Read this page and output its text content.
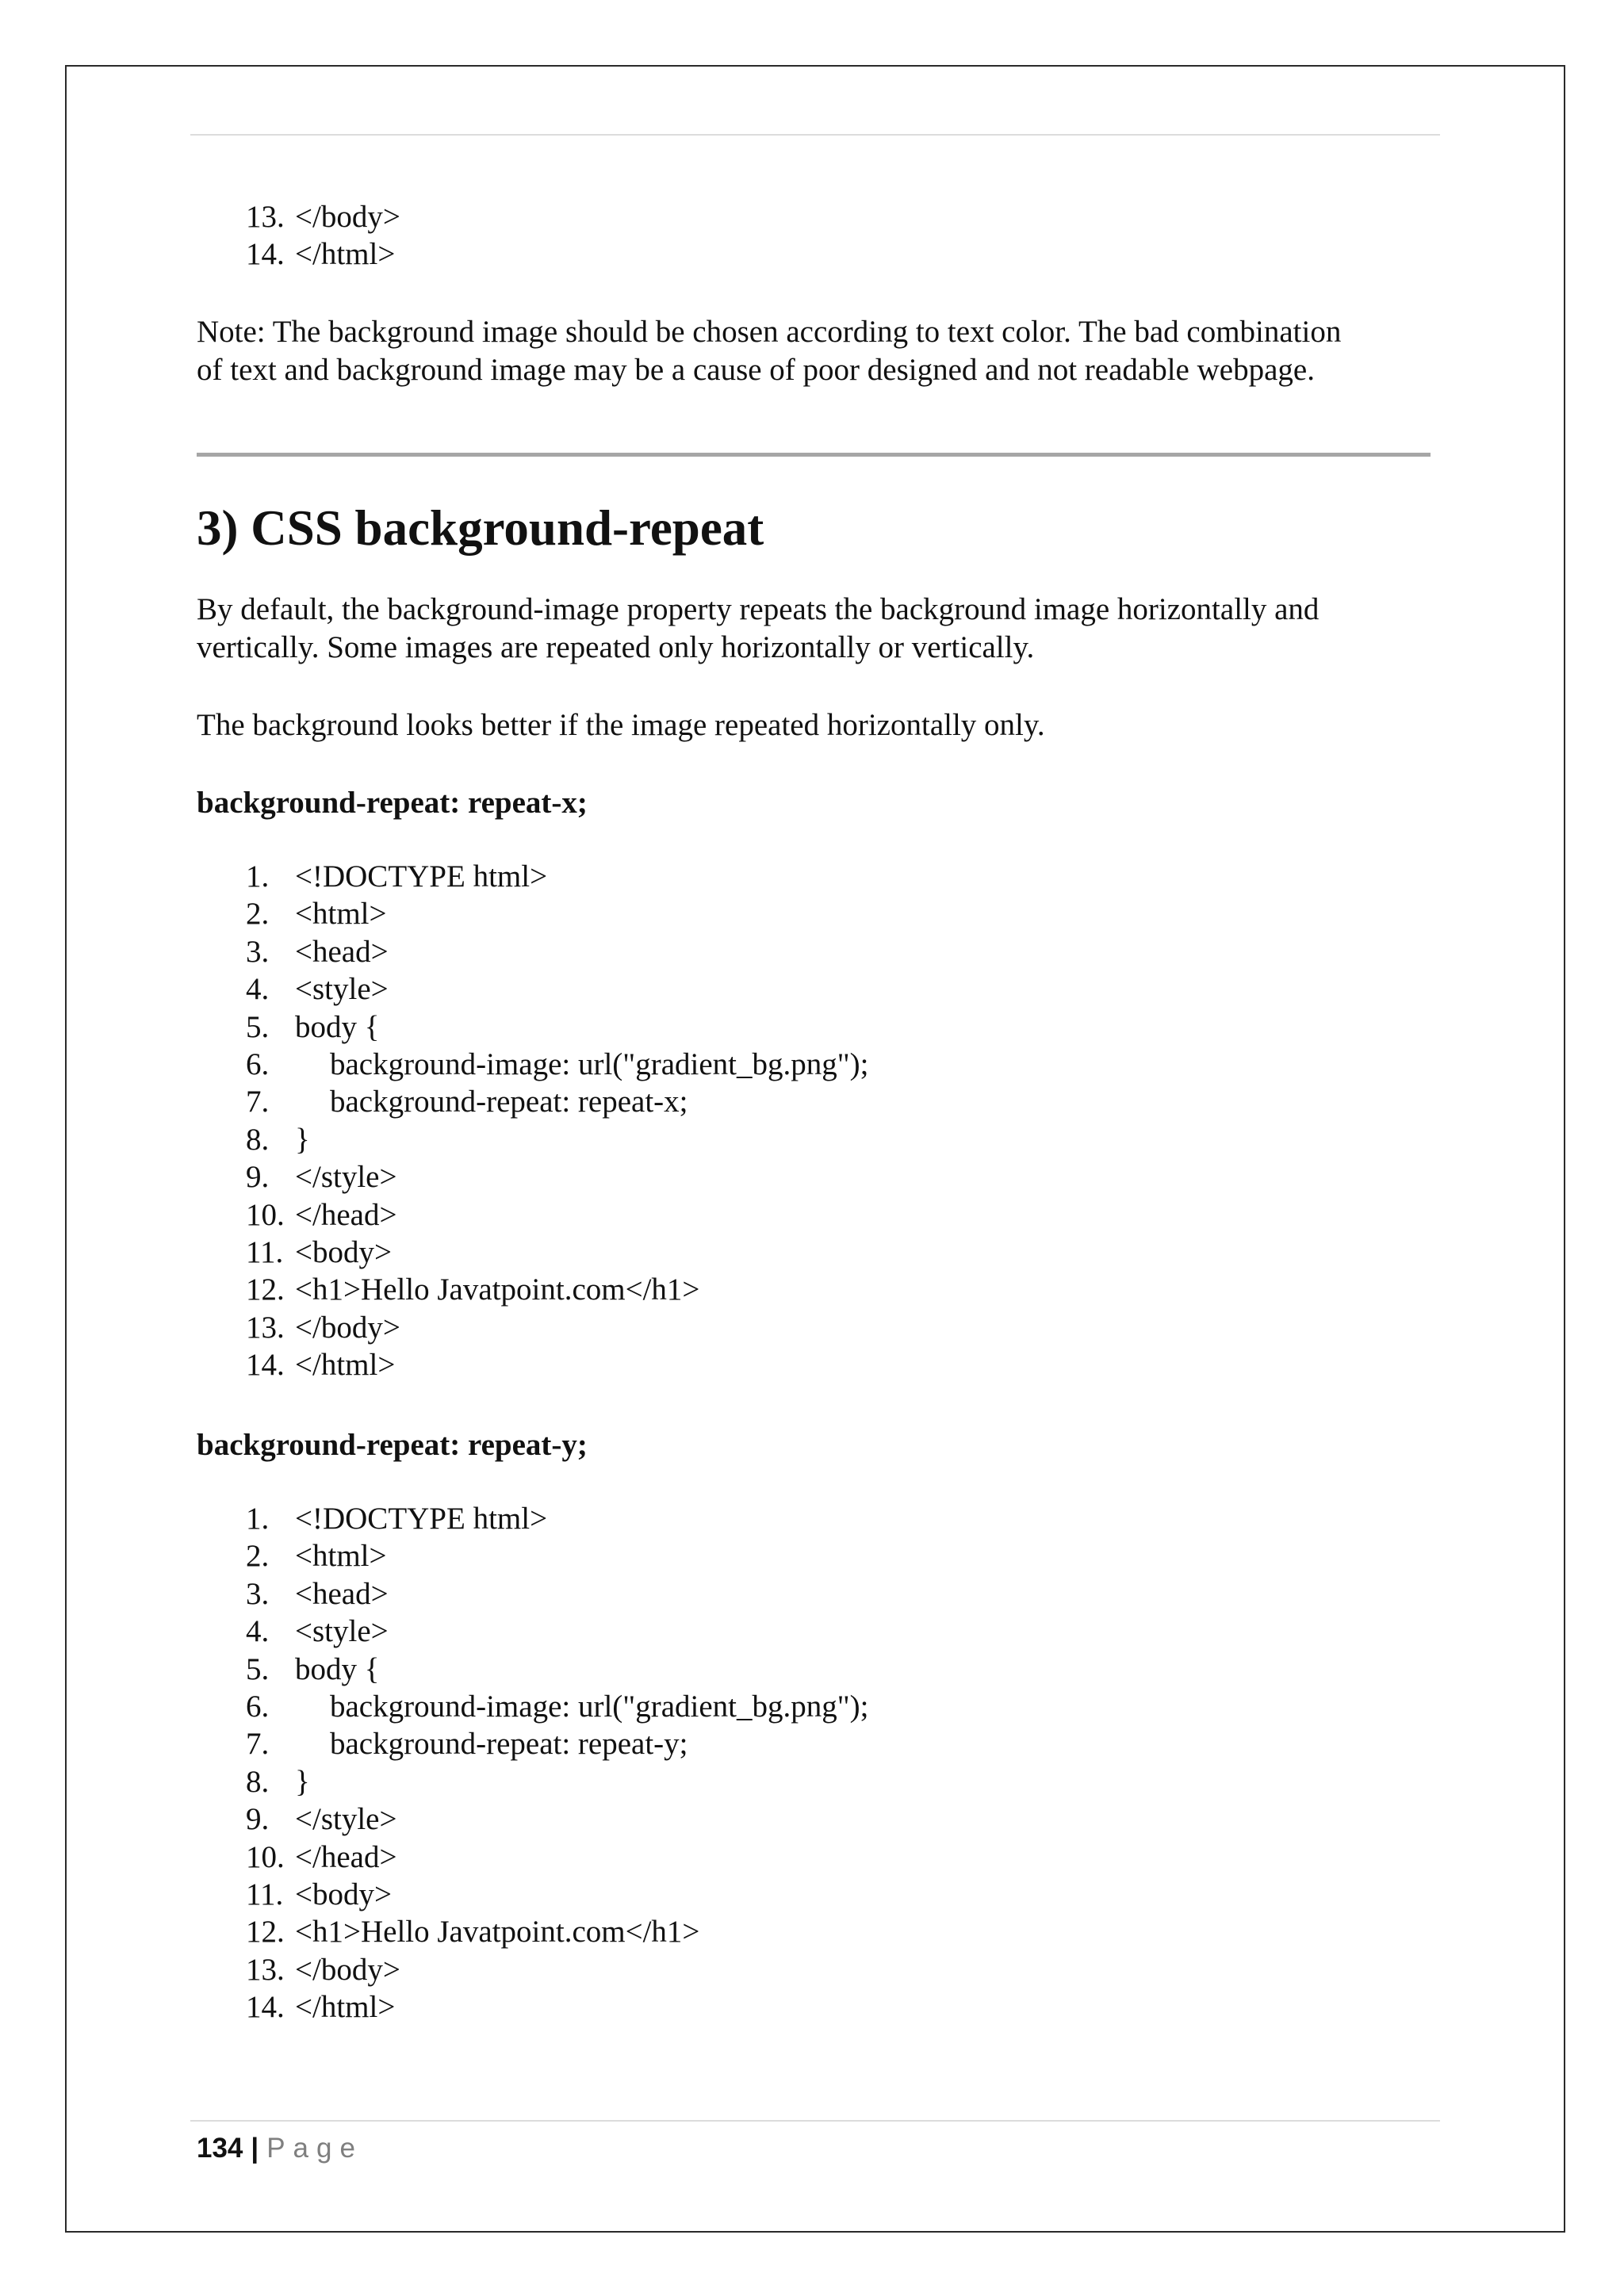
13. </body>
14. </html>
Note: The background image should be chosen according to text color. The bad combination
of text and background image may be a cause of poor designed and not readable webpage.
3) CSS background-repeat
By default, the background-image property repeats the background image horizontally and
vertically. Some images are repeated only horizontally or vertically.
The background looks better if the image repeated horizontally only.
background-repeat: repeat-x;
1. <!DOCTYPE html>
2. <html>
3. <head>
4. <style>
5. body {
6. background-image: url("gradient_bg.png");
7. background-repeat: repeat-x;
8. }
9. </style>
10. </head>
11. <body>
12. <h1>Hello Javatpoint.com</h1>
13. </body>
14. </html>
background-repeat: repeat-y;
1. <!DOCTYPE html>
2. <html>
3. <head>
4. <style>
5. body {
6. background-image: url("gradient_bg.png");
7. background-repeat: repeat-y;
8. }
9. </style>
10. </head>
11. <body>
12. <h1>Hello Javatpoint.com</h1>
13. </body>
14. </html>
134 | Page
